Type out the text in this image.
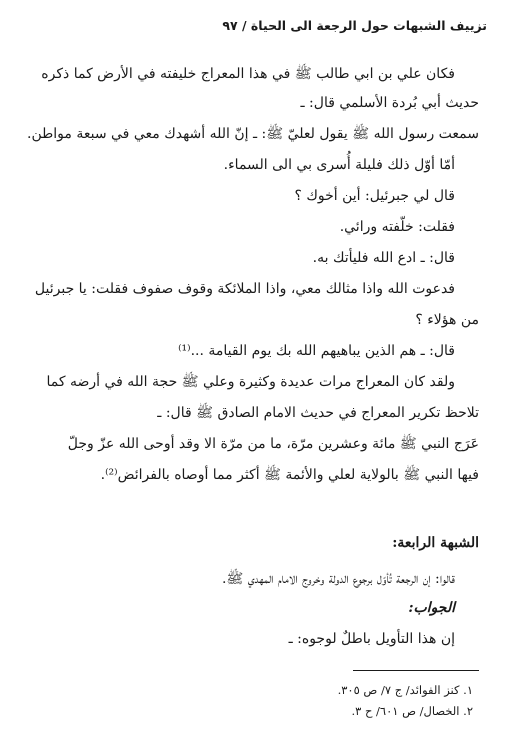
تزييف الشبهات حول الرجعة الى الحياة / ٩٧
فكان علي بن ابي طالب ﷺ في هذا المعراج خليفته في الأرض كما ذكره
حديث أبي بُردة الأسلمي قال: ـ
سمعت رسول الله ﷺ يقول لعليّ ﷺ: ـ إنّ الله أشهدك معي في سبعة مواطن.
أمّا أوّل ذلك فليلة أُسرى بي الى السماء.
قال لي جبرئيل: أين أخوك ؟
فقلت: خلّفته ورائي.
قال: ـ ادع الله فليأتك به.
فدعوت الله واذا مثالك معي، واذا الملائكة وقوف صفوف فقلت: يا جبرئيل
من هؤلاء ؟
قال: ـ هم الذين يباهيهم الله بك يوم القيامة ...⁽¹⁾
ولقد كان المعراج مرات عديدة وكثيرة وعلي ﷺ حجة الله في أرضه كما
تلاحظ تكرير المعراج في حديث الامام الصادق ﷺ قال: ـ
عَرَج النبي ﷺ مائة وعشرين مرّة، ما من مرّة الا وقد أوحى الله عزّ وجلّ
فيها النبي ﷺ بالولاية لعلي والأئمة ﷺ أكثر مما أوصاه بالفرائض⁽²⁾.
الشبهة الرابعة:
قالوا: إن الرجعة تُأوّل برجوع الدولة وخروج الامام المهدي ﷺ.
الجواب:
إن هذا التأويل باطلٌ لوجوه: ـ
١. كنز الفوائد/ ج ٧/ ص ٣٠٥.
٢. الخصال/ ص ٦٠١/ ح ٣.
